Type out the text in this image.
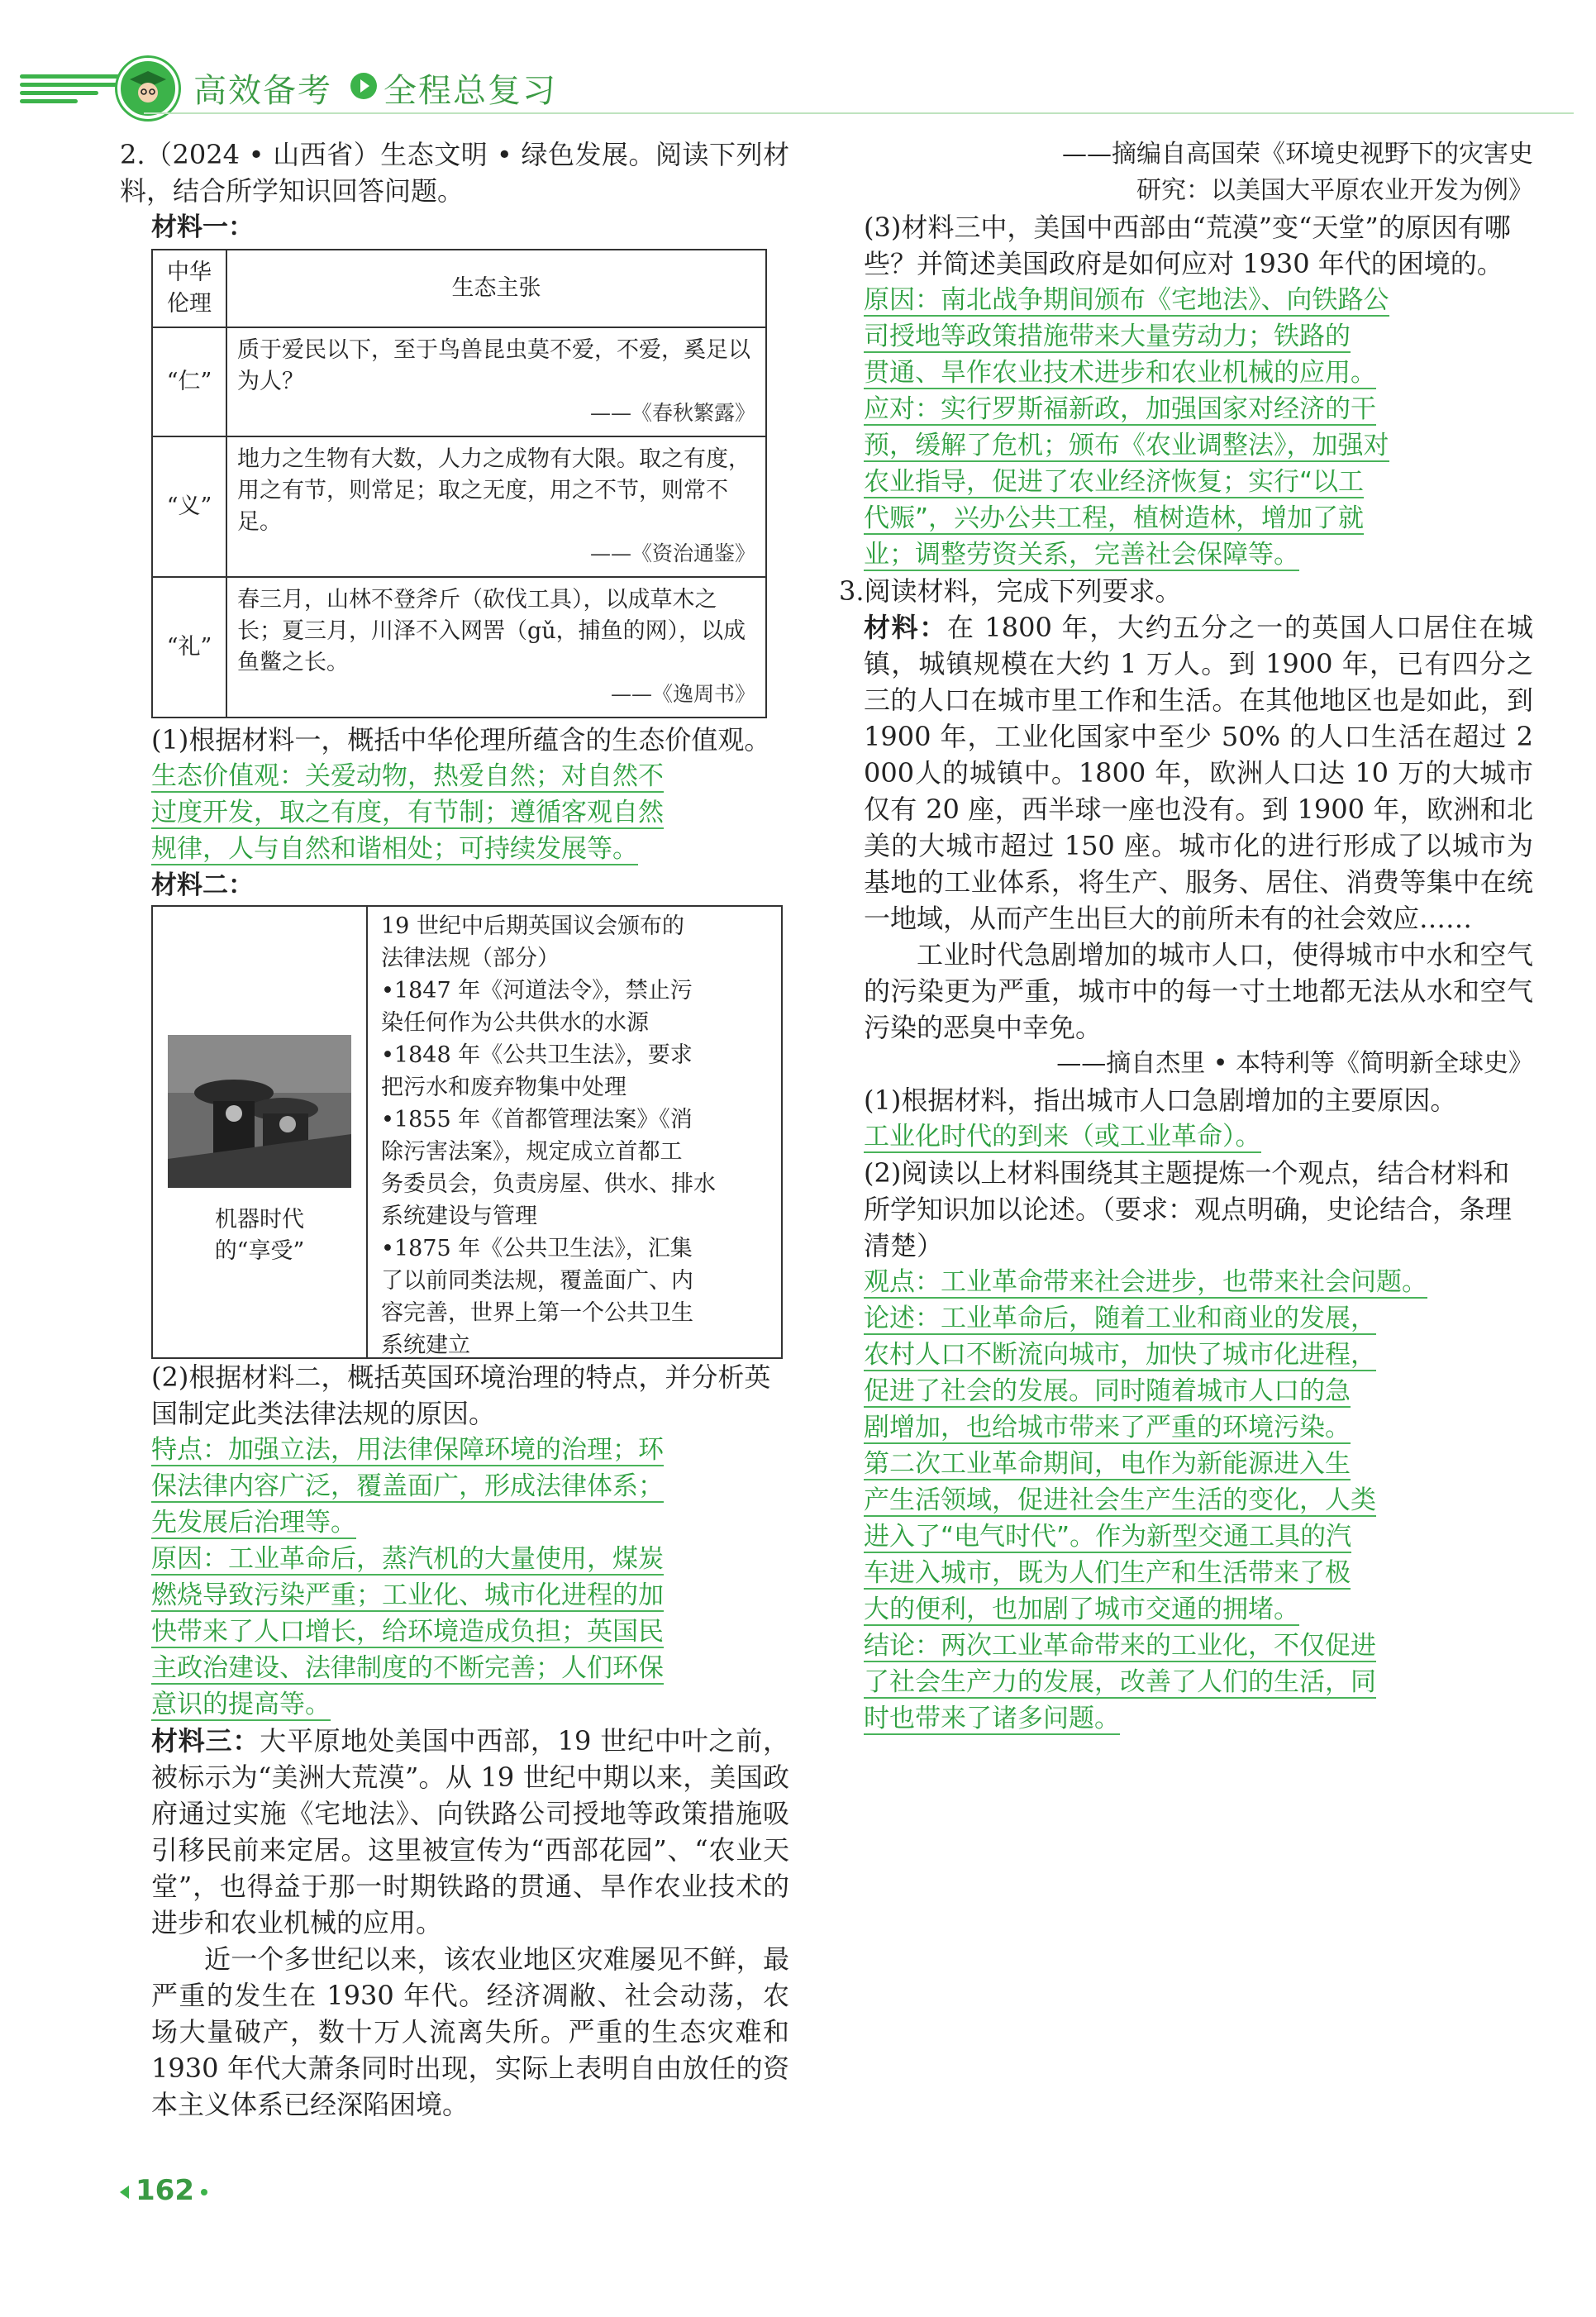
高效备考 全程总复习

2.（2024 • 山西省）生态文明 • 绿色发展。阅读下列材料，结合所学知识回答问题。

材料一：

中华伦理	生态主张
“仁”	质于爱民以下，至于鸟兽昆虫莫不爱，不爱，奚足以为人？
——《春秋繁露》

“义”	地力之生物有大数，人力之成物有大限。取之有度，用之有节，则常足；取之无度，用之不节，则常不足。
——《资治通鉴》

“礼”	春三月，山林不登斧斤（砍伐工具），以成草木之长；夏三月，川泽不入网罟（gǔ，捕鱼的网），以成鱼鳖之长。
——《逸周书》

(1)根据材料一，概括中华伦理所蕴含的生态价值观。

生态价值观：关爱动物，热爱自然；对自然不
过度开发，取之有度，有节制；遵循客观自然
规律，人与自然和谐相处；可持续发展等。

材料二：

机器时代
的“享受”
19 世纪中后期英国议会颁布的
法律法规（部分）
•1847 年《河道法令》，禁止污
染任何作为公共供水的水源
•1848 年《公共卫生法》，要求
把污水和废弃物集中处理
•1855 年《首都管理法案》《消
除污害法案》，规定成立首都工
务委员会，负责房屋、供水、排水
系统建设与管理
•1875 年《公共卫生法》，汇集
了以前同类法规，覆盖面广、内
容完善，世界上第一个公共卫生
系统建立

(2)根据材料二，概括英国环境治理的特点，并分析英国制定此类法律法规的原因。

特点：加强立法，用法律保障环境的治理；环
保法律内容广泛，覆盖面广，形成法律体系；
先发展后治理等。
原因：工业革命后，蒸汽机的大量使用，煤炭
燃烧导致污染严重；工业化、城市化进程的加
快带来了人口增长，给环境造成负担；英国民
主政治建设、法律制度的不断完善；人们环保
意识的提高等。

材料三：大平原地处美国中西部，19 世纪中叶之前，被标示为“美洲大荒漠”。从 19 世纪中期以来，美国政府通过实施《宅地法》、向铁路公司授地等政策措施吸引移民前来定居。这里被宣传为“西部花园”、“农业天堂”，也得益于那一时期铁路的贯通、旱作农业技术的进步和农业机械的应用。

近一个多世纪以来，该农业地区灾难屡见不鲜，最严重的发生在 1930 年代。经济凋敝、社会动荡，农场大量破产，数十万人流离失所。严重的生态灾难和 1930 年代大萧条同时出现，实际上表明自由放任的资本主义体系已经深陷困境。

——摘编自高国荣《环境史视野下的灾害史
研究：以美国大平原农业开发为例》

(3)材料三中，美国中西部由“荒漠”变“天堂”的原因有哪些？并简述美国政府是如何应对 1930 年代的困境的。

原因：南北战争期间颁布《宅地法》、向铁路公
司授地等政策措施带来大量劳动力；铁路的
贯通、旱作农业技术进步和农业机械的应用。
应对：实行罗斯福新政，加强国家对经济的干
预，缓解了危机；颁布《农业调整法》，加强对
农业指导，促进了农业经济恢复；实行“以工
代赈”，兴办公共工程，植树造林，增加了就
业；调整劳资关系，完善社会保障等。

3.阅读材料，完成下列要求。

材料：在 1800 年，大约五分之一的英国人口居住在城镇，城镇规模在大约 1 万人。到 1900 年，已有四分之三的人口在城市里工作和生活。在其他地区也是如此，到 1900 年，工业化国家中至少 50% 的人口生活在超过 2 000人的城镇中。1800 年，欧洲人口达 10 万的大城市仅有 20 座，西半球一座也没有。到 1900 年，欧洲和北美的大城市超过 150 座。城市化的进行形成了以城市为基地的工业体系，将生产、服务、居住、消费等集中在统一地域，从而产生出巨大的前所未有的社会效应……

工业时代急剧增加的城市人口，使得城市中水和空气的污染更为严重，城市中的每一寸土地都无法从水和空气污染的恶臭中幸免。

——摘自杰里 • 本特利等《简明新全球史》

(1)根据材料，指出城市人口急剧增加的主要原因。

工业化时代的到来（或工业革命）。

(2)阅读以上材料围绕其主题提炼一个观点，结合材料和所学知识加以论述。（要求：观点明确，史论结合，条理清楚）

观点：工业革命带来社会进步，也带来社会问题。
论述：工业革命后，随着工业和商业的发展，
农村人口不断流向城市，加快了城市化进程，
促进了社会的发展。同时随着城市人口的急
剧增加，也给城市带来了严重的环境污染。
第二次工业革命期间，电作为新能源进入生
产生活领域，促进社会生产生活的变化，人类
进入了“电气时代”。作为新型交通工具的汽
车进入城市，既为人们生产和生活带来了极
大的便利，也加剧了城市交通的拥堵。
结论：两次工业革命带来的工业化，不仅促进
了社会生产力的发展，改善了人们的生活，同
时也带来了诸多问题。
162
